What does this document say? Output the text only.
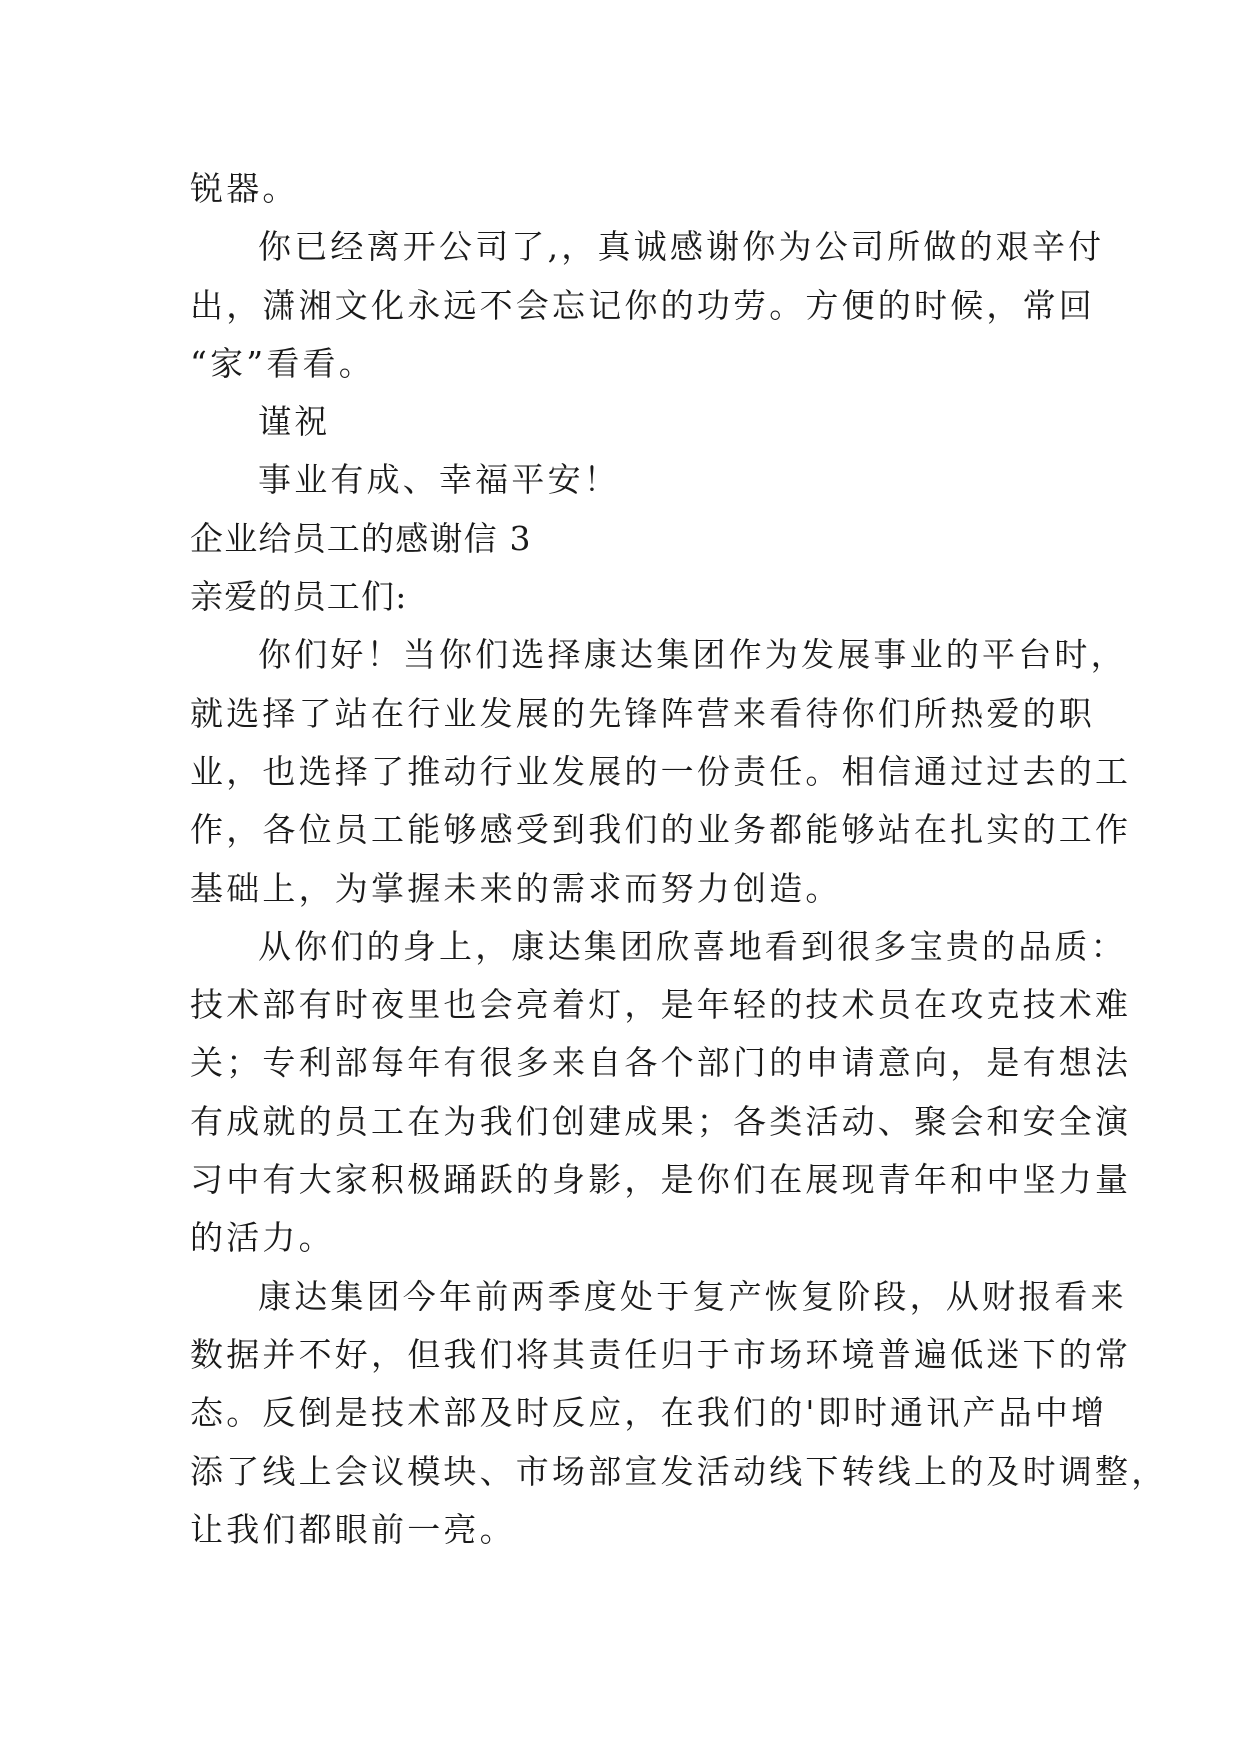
锐器。
你已经离开公司了,，真诚感谢你为公司所做的艰辛付
出，潇湘文化永远不会忘记你的功劳。方便的时候，常回
“家”看看。
谨祝
事业有成、幸福平安！
企业给员工的感谢信 3
亲爱的员工们:
你们好！当你们选择康达集团作为发展事业的平台时，
就选择了站在行业发展的先锋阵营来看待你们所热爱的职
业，也选择了推动行业发展的一份责任。相信通过过去的工
作，各位员工能够感受到我们的业务都能够站在扎实的工作
基础上，为掌握未来的需求而努力创造。
从你们的身上，康达集团欣喜地看到很多宝贵的品质：
技术部有时夜里也会亮着灯，是年轻的技术员在攻克技术难
关；专利部每年有很多来自各个部门的申请意向，是有想法
有成就的员工在为我们创建成果；各类活动、聚会和安全演
习中有大家积极踊跃的身影，是你们在展现青年和中坚力量
的活力。
康达集团今年前两季度处于复产恢复阶段，从财报看来
数据并不好，但我们将其责任归于市场环境普遍低迷下的常
态。反倒是技术部及时反应，在我们的'即时通讯产品中增
添了线上会议模块、市场部宣发活动线下转线上的及时调整，
让我们都眼前一亮。
